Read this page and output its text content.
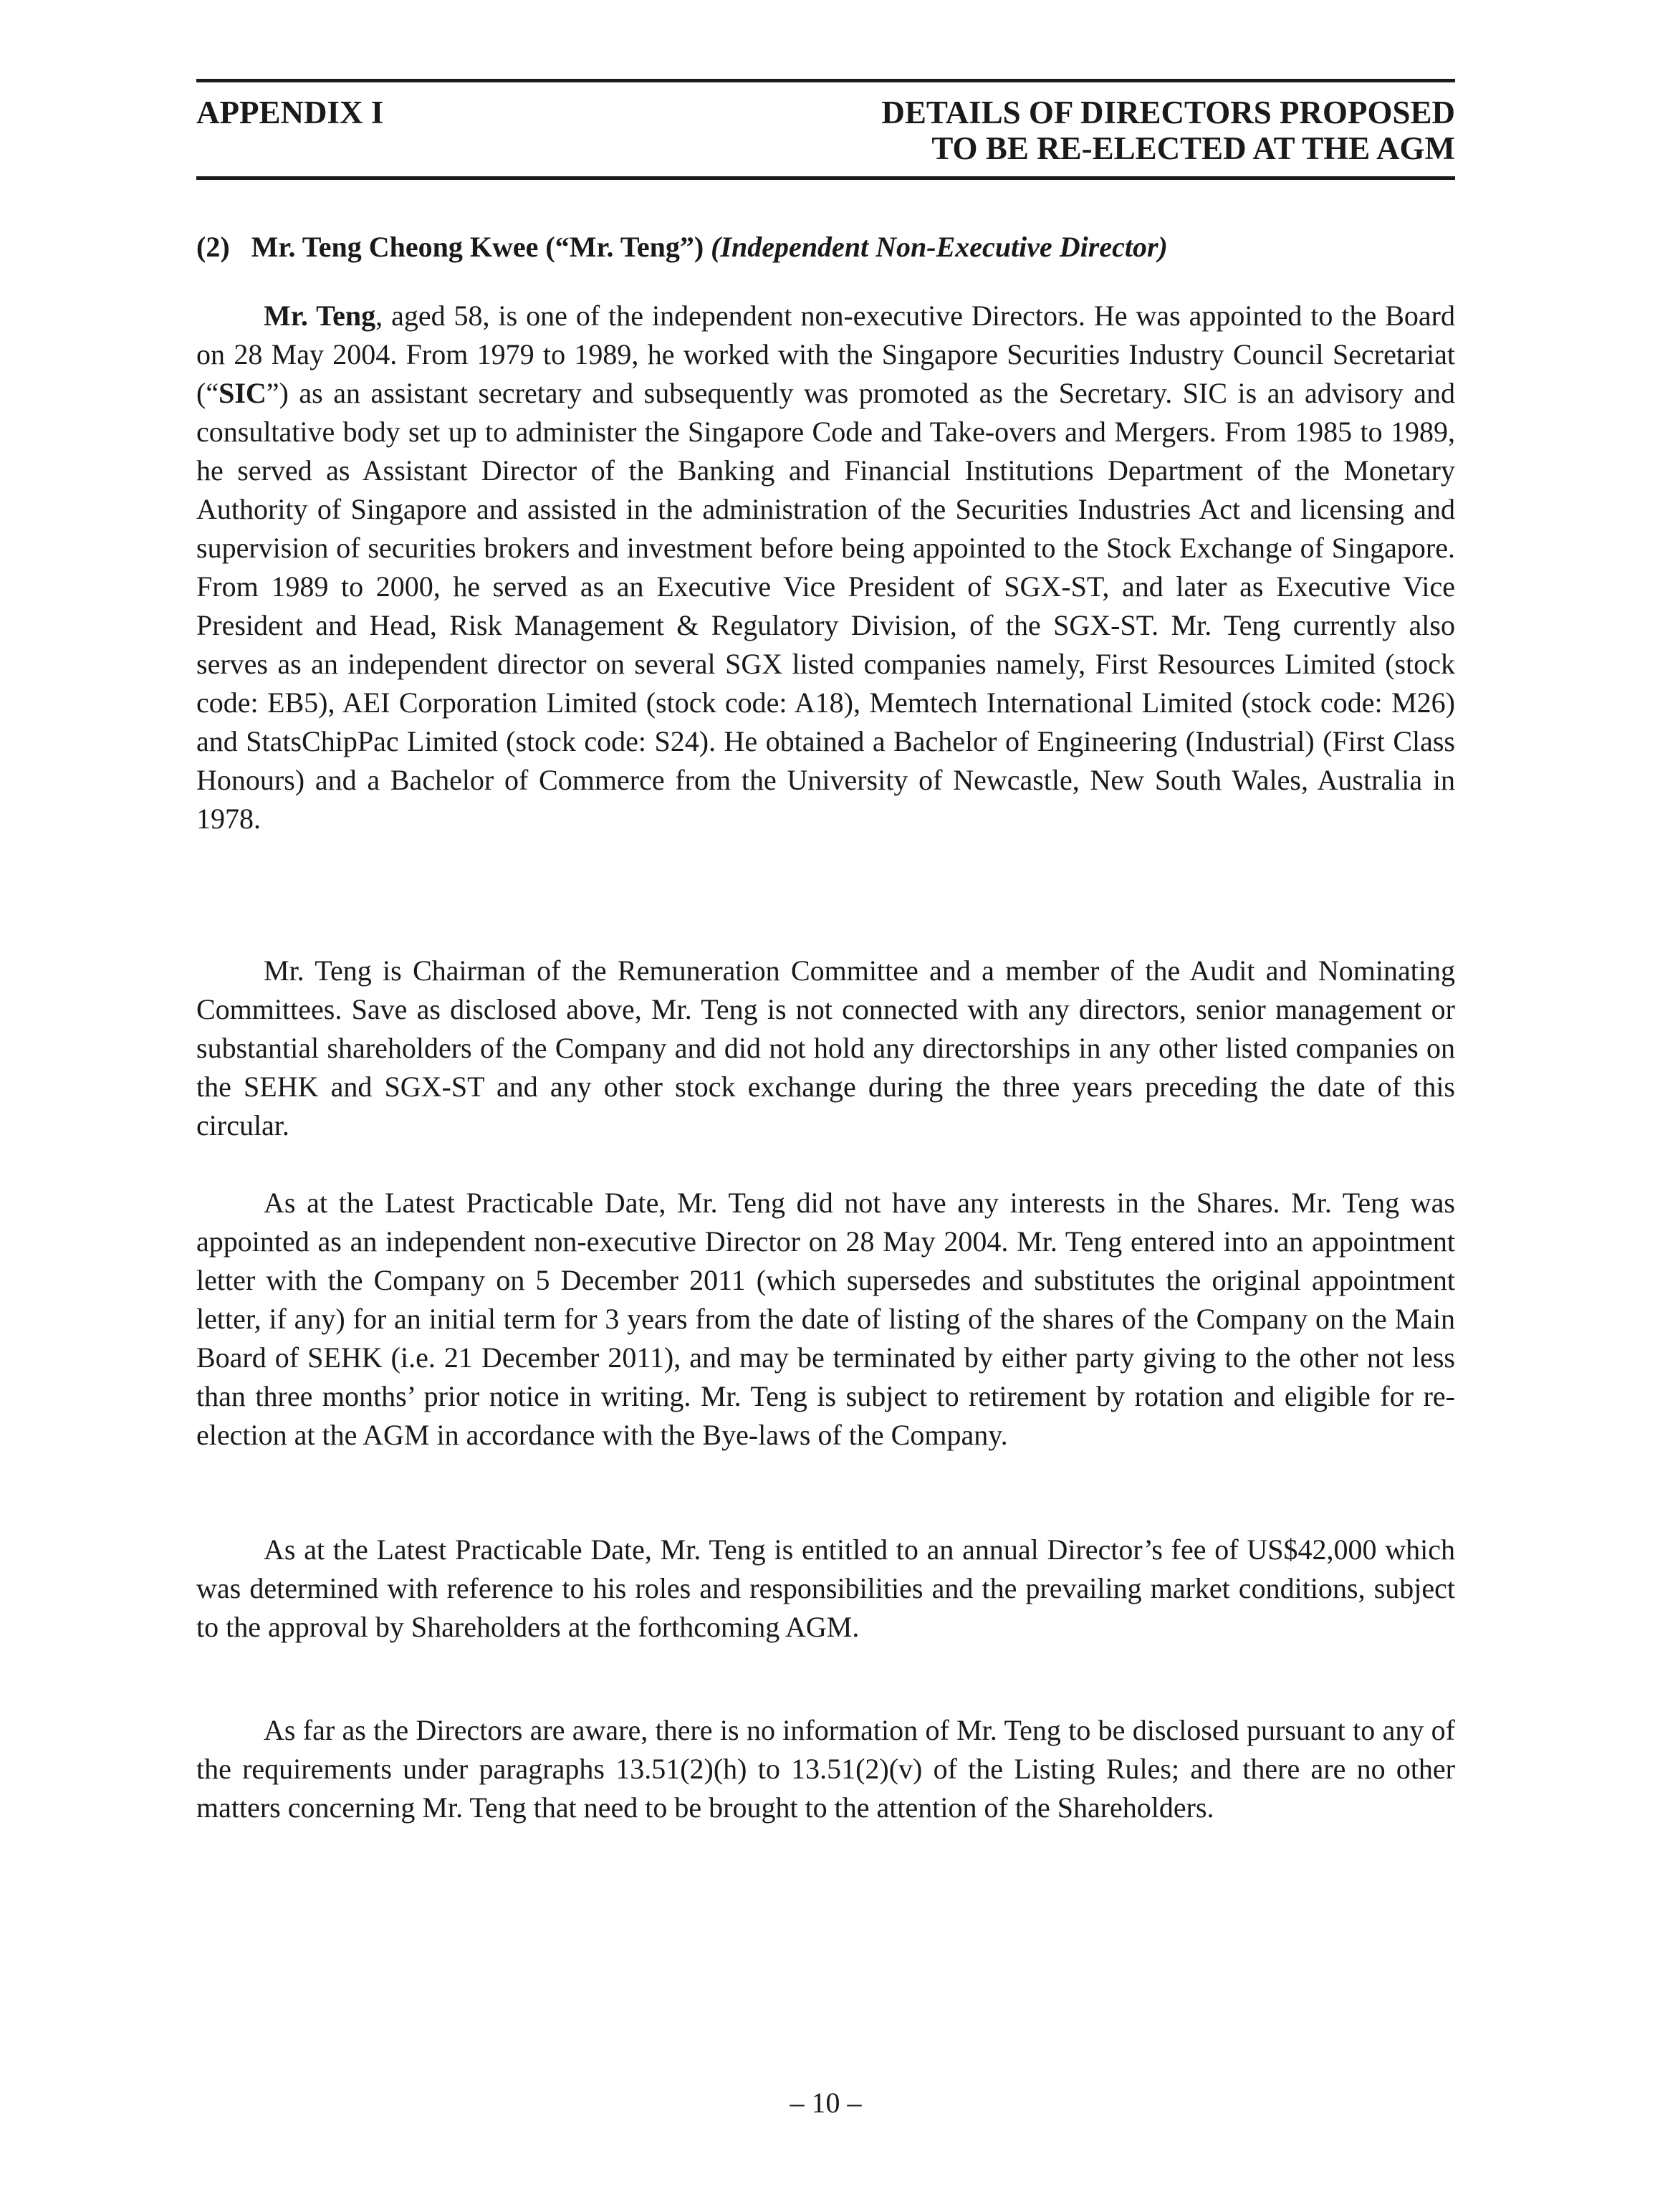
APPENDIX I	DETAILS OF DIRECTORS PROPOSED
TO BE RE-ELECTED AT THE AGM
(2) Mr. Teng Cheong Kwee (“Mr. Teng”) (Independent Non-Executive Director)

Mr. Teng, aged 58, is one of the independent non-executive Directors. He was appointed to the Board on 28 May 2004. From 1979 to 1989, he worked with the Singapore Securities Industry Council Secretariat (“SIC”) as an assistant secretary and subsequently was promoted as the Secretary. SIC is an advisory and consultative body set up to administer the Singapore Code and Take-overs and Mergers. From 1985 to 1989, he served as Assistant Director of the Banking and Financial Institutions Department of the Monetary Authority of Singapore and assisted in the administration of the Securities Industries Act and licensing and supervision of securities brokers and investment before being appointed to the Stock Exchange of Singapore. From 1989 to 2000, he served as an Executive Vice President of SGX-ST, and later as Executive Vice President and Head, Risk Management & Regulatory Division, of the SGX-ST. Mr. Teng currently also serves as an independent director on several SGX listed companies namely, First Resources Limited (stock code: EB5), AEI Corporation Limited (stock code: A18), Memtech International Limited (stock code: M26) and StatsChipPac Limited (stock code: S24). He obtained a Bachelor of Engineering (Industrial) (First Class Honours) and a Bachelor of Commerce from the University of Newcastle, New South Wales, Australia in 1978.

Mr. Teng is Chairman of the Remuneration Committee and a member of the Audit and Nominating Committees. Save as disclosed above, Mr. Teng is not connected with any directors, senior management or substantial shareholders of the Company and did not hold any directorships in any other listed companies on the SEHK and SGX-ST and any other stock exchange during the three years preceding the date of this circular.

As at the Latest Practicable Date, Mr. Teng did not have any interests in the Shares. Mr. Teng was appointed as an independent non-executive Director on 28 May 2004. Mr. Teng entered into an appointment letter with the Company on 5 December 2011 (which supersedes and substitutes the original appointment letter, if any) for an initial term for 3 years from the date of listing of the shares of the Company on the Main Board of SEHK (i.e. 21 December 2011), and may be terminated by either party giving to the other not less than three months’ prior notice in writing. Mr. Teng is subject to retirement by rotation and eligible for re-election at the AGM in accordance with the Bye-laws of the Company.

As at the Latest Practicable Date, Mr. Teng is entitled to an annual Director’s fee of US$42,000 which was determined with reference to his roles and responsibilities and the prevailing market conditions, subject to the approval by Shareholders at the forthcoming AGM.

As far as the Directors are aware, there is no information of Mr. Teng to be disclosed pursuant to any of the requirements under paragraphs 13.51(2)(h) to 13.51(2)(v) of the Listing Rules; and there are no other matters concerning Mr. Teng that need to be brought to the attention of the Shareholders.

– 10 –
